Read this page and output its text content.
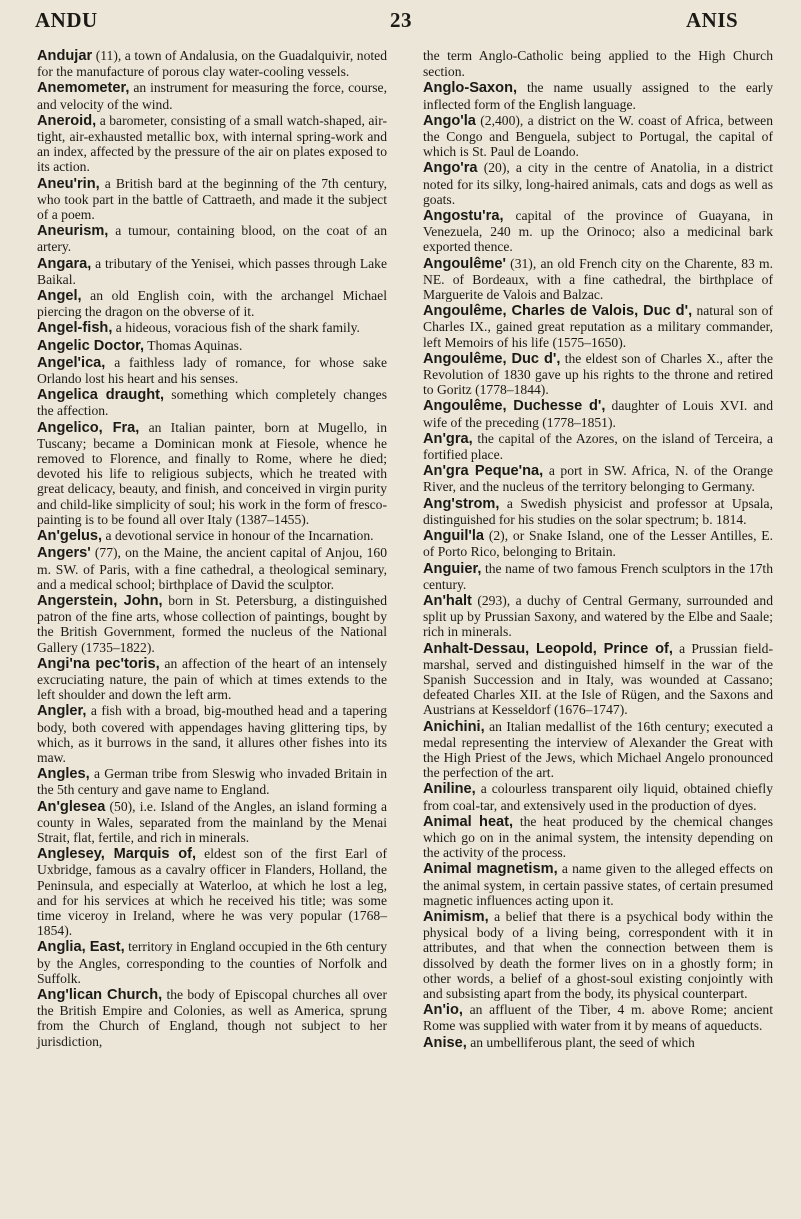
ANDU	23	ANIS

Andujar (11), a town of Andalusia, on the Guadalquivir, noted for the manufacture of porous clay water-cooling vessels.

Anemometer, an instrument for measuring the force, course, and velocity of the wind.

Aneroid, a barometer, consisting of a small watch-shaped, air-tight, air-exhausted metallic box, with internal spring-work and an index, affected by the pressure of the air on plates exposed to its action.

Aneu'rin, a British bard at the beginning of the 7th century, who took part in the battle of Cattraeth, and made it the subject of a poem.

Aneurism, a tumour, containing blood, on the coat of an artery.

Angara, a tributary of the Yenisei, which passes through Lake Baikal.

Angel, an old English coin, with the archangel Michael piercing the dragon on the obverse of it.

Angel-fish, a hideous, voracious fish of the shark family.

Angelic Doctor, Thomas Aquinas.

Angel'ica, a faithless lady of romance, for whose sake Orlando lost his heart and his senses.

Angelica draught, something which completely changes the affection.

Angelico, Fra, an Italian painter, born at Mugello, in Tuscany; became a Dominican monk at Fiesole, whence he removed to Florence, and finally to Rome, where he died; devoted his life to religious subjects, which he treated with great delicacy, beauty, and finish, and conceived in virgin purity and child-like simplicity of soul; his work in the form of fresco-painting is to be found all over Italy (1387–1455).

An'gelus, a devotional service in honour of the Incarnation.

Angers' (77), on the Maine, the ancient capital of Anjou, 160 m. SW. of Paris, with a fine cathedral, a theological seminary, and a medical school; birthplace of David the sculptor.

Angerstein, John, born in St. Petersburg, a distinguished patron of the fine arts, whose collection of paintings, bought by the British Government, formed the nucleus of the National Gallery (1735–1822).

Angi'na pec'toris, an affection of the heart of an intensely excruciating nature, the pain of which at times extends to the left shoulder and down the left arm.

Angler, a fish with a broad, big-mouthed head and a tapering body, both covered with appendages having glittering tips, by which, as it burrows in the sand, it allures other fishes into its maw.

Angles, a German tribe from Sleswig who invaded Britain in the 5th century and gave name to England.

An'glesea (50), i.e. Island of the Angles, an island forming a county in Wales, separated from the mainland by the Menai Strait, flat, fertile, and rich in minerals.

Anglesey, Marquis of, eldest son of the first Earl of Uxbridge, famous as a cavalry officer in Flanders, Holland, the Peninsula, and especially at Waterloo, at which he lost a leg, and for his services at which he received his title; was some time viceroy in Ireland, where he was very popular (1768–1854).

Anglia, East, territory in England occupied in the 6th century by the Angles, corresponding to the counties of Norfolk and Suffolk.

Ang'lican Church, the body of Episcopal churches all over the British Empire and Colonies, as well as America, sprung from the Church of England, though not subject to her jurisdiction,

the term Anglo-Catholic being applied to the High Church section.

Anglo-Saxon, the name usually assigned to the early inflected form of the English language.

Ango'la (2,400), a district on the W. coast of Africa, between the Congo and Benguela, subject to Portugal, the capital of which is St. Paul de Loando.

Ango'ra (20), a city in the centre of Anatolia, in a district noted for its silky, long-haired animals, cats and dogs as well as goats.

Angostu'ra, capital of the province of Guayana, in Venezuela, 240 m. up the Orinoco; also a medicinal bark exported thence.

Angoulême' (31), an old French city on the Charente, 83 m. NE. of Bordeaux, with a fine cathedral, the birthplace of Marguerite de Valois and Balzac.

Angoulême, Charles de Valois, Duc d', natural son of Charles IX., gained great reputation as a military commander, left Memoirs of his life (1575–1650).

Angoulême, Duc d', the eldest son of Charles X., after the Revolution of 1830 gave up his rights to the throne and retired to Goritz (1778–1844).

Angoulême, Duchesse d', daughter of Louis XVI. and wife of the preceding (1778–1851).

An'gra, the capital of the Azores, on the island of Terceira, a fortified place.

An'gra Peque'na, a port in SW. Africa, N. of the Orange River, and the nucleus of the territory belonging to Germany.

Ang'strom, a Swedish physicist and professor at Upsala, distinguished for his studies on the solar spectrum; b. 1814.

Anguil'la (2), or Snake Island, one of the Lesser Antilles, E. of Porto Rico, belonging to Britain.

Anguier, the name of two famous French sculptors in the 17th century.

An'halt (293), a duchy of Central Germany, surrounded and split up by Prussian Saxony, and watered by the Elbe and Saale; rich in minerals.

Anhalt-Dessau, Leopold, Prince of, a Prussian field-marshal, served and distinguished himself in the war of the Spanish Succession and in Italy, was wounded at Cassano; defeated Charles XII. at the Isle of Rügen, and the Saxons and Austrians at Kesseldorf (1676–1747).

Anichini, an Italian medallist of the 16th century; executed a medal representing the interview of Alexander the Great with the High Priest of the Jews, which Michael Angelo pronounced the perfection of the art.

Aniline, a colourless transparent oily liquid, obtained chiefly from coal-tar, and extensively used in the production of dyes.

Animal heat, the heat produced by the chemical changes which go on in the animal system, the intensity depending on the activity of the process.

Animal magnetism, a name given to the alleged effects on the animal system, in certain passive states, of certain presumed magnetic influences acting upon it.

Animism, a belief that there is a psychical body within the physical body of a living being, correspondent with it in attributes, and that when the connection between them is dissolved by death the former lives on in a ghostly form; in other words, a belief of a ghost-soul existing conjointly with and subsisting apart from the body, its physical counterpart.

An'io, an affluent of the Tiber, 4 m. above Rome; ancient Rome was supplied with water from it by means of aqueducts.

Anise, an umbelliferous plant, the seed of which
